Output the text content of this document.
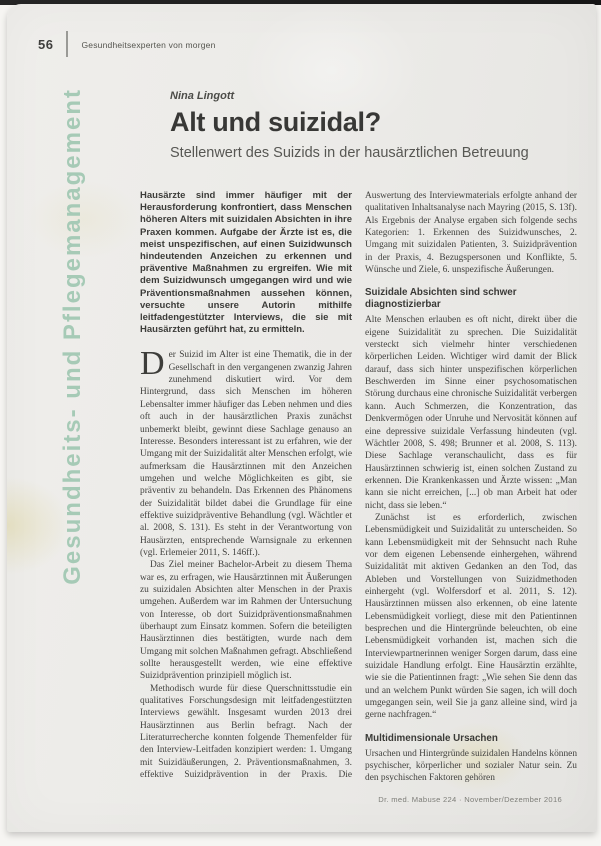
56	Gesundheitsexperten von morgen
Gesundheits- und Pflegemanagement	Nina Lingott
Alt und suizidal?
Stellenwert des Suizids in der hausärztlichen Betreuung

Hausärzte sind immer häufiger mit der Herausforderung konfrontiert, dass Menschen höheren Alters mit suizidalen Absichten in ihre Praxen kommen. Aufgabe der Ärzte ist es, die meist unspezifischen, auf einen Suizidwunsch hindeutenden Anzeichen zu erkennen und präventive Maßnahmen zu ergreifen. Wie mit dem Suizidwunsch umgegangen wird und wie Präventionsmaßnahmen aussehen können, versuchte unsere Autorin mithilfe leitfadengestützter Interviews, die sie mit Hausärzten geführt hat, zu ermitteln.

Der Suizid im Alter ist eine Thematik, die in der Gesellschaft in den vergangenen zwanzig Jahren zunehmend diskutiert wird. Vor dem Hintergrund, dass sich Menschen im höheren Lebensalter immer häufiger das Leben nehmen und dies oft auch in der hausärztlichen Praxis zunächst unbemerkt bleibt, gewinnt diese Sachlage genauso an Interesse. Besonders interessant ist zu erfahren, wie der Umgang mit der Suizidalität alter Menschen erfolgt, wie aufmerksam die Hausärztinnen mit den Anzeichen umgehen und welche Möglichkeiten es gibt, sie präventiv zu behandeln. Das Erkennen des Phänomens der Suizidalität bildet dabei die Grundlage für eine effektive suizidpräventive Behandlung (vgl. Wächtler et al. 2008, S. 131). Es steht in der Verantwortung von Hausärzten, entsprechende Warnsignale zu erkennen (vgl. Erlemeier 2011, S. 146ff.).

Das Ziel meiner Bachelor-Arbeit zu diesem Thema war es, zu erfragen, wie Hausärztinnen mit Äußerungen zu suizidalen Absichten alter Menschen in der Praxis umgehen. Außerdem war im Rahmen der Untersuchung von Interesse, ob dort Suizidpräventionsmaßnahmen überhaupt zum Einsatz kommen. Sofern die beteiligten Hausärztinnen dies bestätigten, wurde nach dem Umgang mit solchen Maßnahmen gefragt. Abschließend sollte herausgestellt werden, wie eine effektive Suizidprävention prinzipiell möglich ist.

Methodisch wurde für diese Querschnittsstudie ein qualitatives Forschungsdesign mit leitfadengestützten Interviews gewählt. Insgesamt wurden 2013 drei Hausärztinnen aus Berlin befragt. Nach der Literaturrecherche konnten folgende Themenfelder für den Interview-Leitfaden konzipiert werden: 1. Umgang mit Suizidäußerungen, 2. Präventionsmaßnahmen, 3. effektive Suizidprävention in der Praxis. Die Auswertung des Interviewmaterials erfolgte anhand der qualitativen Inhaltsanalyse nach Mayring (2015, S. 13f). Als Ergebnis der Analyse ergaben sich folgende sechs Kategorien: 1. Erkennen des Suizidwunsches, 2. Umgang mit suizidalen Patienten, 3. Suizidprävention in der Praxis, 4. Bezugspersonen und Konflikte, 5. Wünsche und Ziele, 6. unspezifische Äußerungen.

Suizidale Absichten sind schwer diagnostizierbar

Alte Menschen erlauben es oft nicht, direkt über die eigene Suizidalität zu sprechen. Die Suizidalität versteckt sich vielmehr hinter verschiedenen körperlichen Leiden. Wichtiger wird damit der Blick darauf, dass sich hinter unspezifischen körperlichen Beschwerden im Sinne einer psychosomatischen Störung durchaus eine chronische Suizidalität verbergen kann. Auch Schmerzen, die Konzentration, das Denkvermögen oder Unruhe und Nervosität können auf eine depressive suizidale Verfassung hindeuten (vgl. Wächtler 2008, S. 498; Brunner et al. 2008, S. 113). Diese Sachlage veranschaulicht, dass es für Hausärztinnen schwierig ist, einen solchen Zustand zu erkennen. Die Krankenkassen und Ärzte wissen: „Man kann sie nicht erreichen, [...] ob man Arbeit hat oder nicht, dass sie leben.“

Zunächst ist es erforderlich, zwischen Lebensmüdigkeit und Suizidalität zu unterscheiden. So kann Lebensmüdigkeit mit der Sehnsucht nach Ruhe vor dem eigenen Lebensende einhergehen, während Suizidalität mit aktiven Gedanken an den Tod, das Ableben und Vorstellungen von Suizidmethoden einhergeht (vgl. Wolfersdorf et al. 2011, S. 12). Hausärztinnen müssen also erkennen, ob eine latente Lebensmüdigkeit vorliegt, diese mit den Patientinnen besprechen und die Hintergründe beleuchten, ob eine Lebensmüdigkeit vorhanden ist, machen sich die Interviewpartnerinnen weniger Sorgen darum, dass eine suizidale Handlung erfolgt. Eine Hausärztin erzählte, wie sie die Patientinnen fragt: „Wie sehen Sie denn das und an welchem Punkt würden Sie sagen, ich will doch umgegangen sein, weil Sie ja ganz alleine sind, wird ja gerne nachfragen.“

Multidimensionale Ursachen

Ursachen und Hintergründe suizidalen Handelns können psychischer, körperlicher und sozialer Natur sein. Zu den psychischen Faktoren gehören

Dr. med. Mabuse 224 · November/Dezember 2016
